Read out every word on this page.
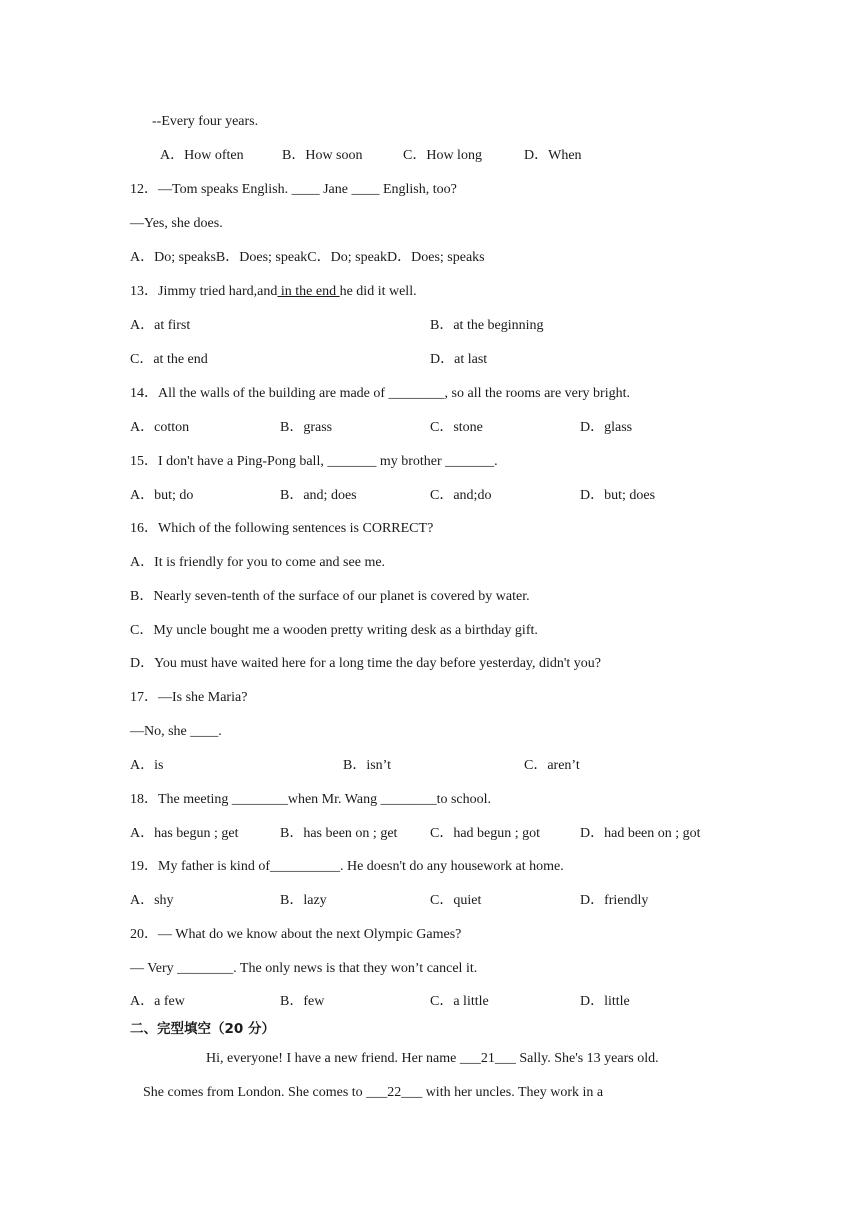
--Every four years.
A．How often	B．How soon	C．How long	D．When
12．—Tom speaks English. ____ Jane ____ English, too?
—Yes, she does.
A．Do; speaksB．Does; speakC．Do; speakD．Does; speaks
13．Jimmy tried hard,and in the end he did it well.
A．at first	B．at the beginning
C．at the end	D．at last
14．All the walls of the building are made of ________, so all the rooms are very bright.
A．cotton	B．grass	C．stone	D．glass
15．I don't have a Ping-Pong ball, _______ my brother _______.
A．but; do	B．and; does	C．and;do	D．but; does
16．Which of the following sentences is CORRECT?
A．It is friendly for you to come and see me.
B．Nearly seven-tenth of the surface of our planet is covered by water.
C．My uncle bought me a wooden pretty writing desk as a birthday gift.
D．You must have waited here for a long time the day before yesterday, didn't you?
17．—Is she Maria?
—No, she ____.
A．is	B．isn’t	C．aren’t
18．The meeting ________when Mr. Wang ________to school.
A．has begun ; get	B．has been on ; get C．had begun ; got	D．had been on ; got
19．My father is kind of__________. He doesn't do any housework at home.
A．shy	B．lazy	C．quiet	D．friendly
20．— What do we know about the next Olympic Games?
— Very ________. The only news is that they won’t cancel it.
A．a few	B．few	C．a little	D．little
二、完型填空（20 分）
Hi, everyone! I have a new friend. Her name ___21___ Sally. She's 13 years old.
She comes from London. She comes to ___22___ with her uncles. They work in a
